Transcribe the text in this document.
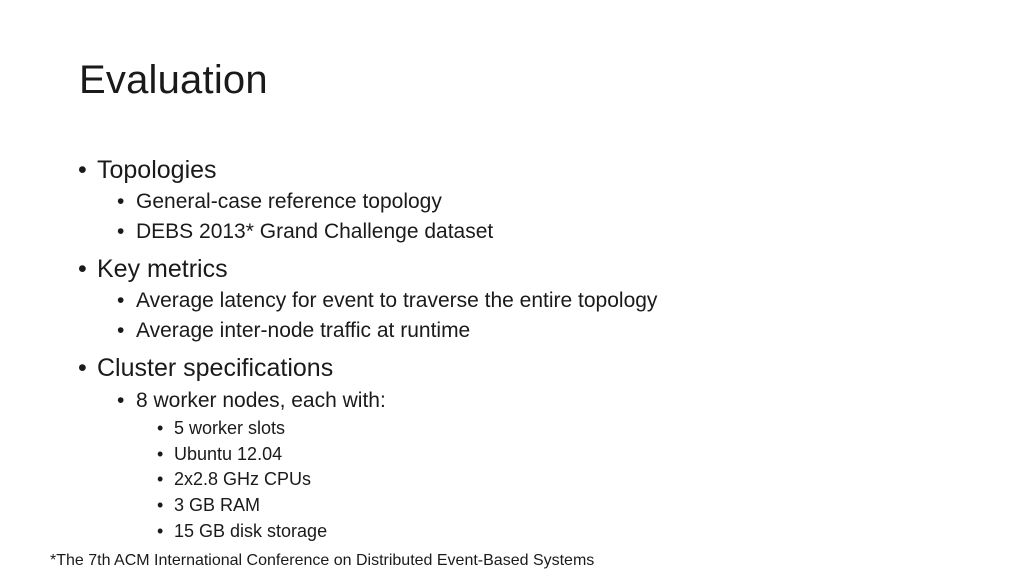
Evaluation
• Topologies
• General-case reference topology
• DEBS 2013* Grand Challenge dataset
• Key metrics
• Average latency for event to traverse the entire topology
• Average inter-node traffic at runtime
• Cluster specifications
• 8 worker nodes, each with:
• 5 worker slots
• Ubuntu 12.04
• 2x2.8 GHz CPUs
• 3 GB RAM
• 15 GB disk storage
*The 7th ACM International Conference on Distributed Event-Based Systems
